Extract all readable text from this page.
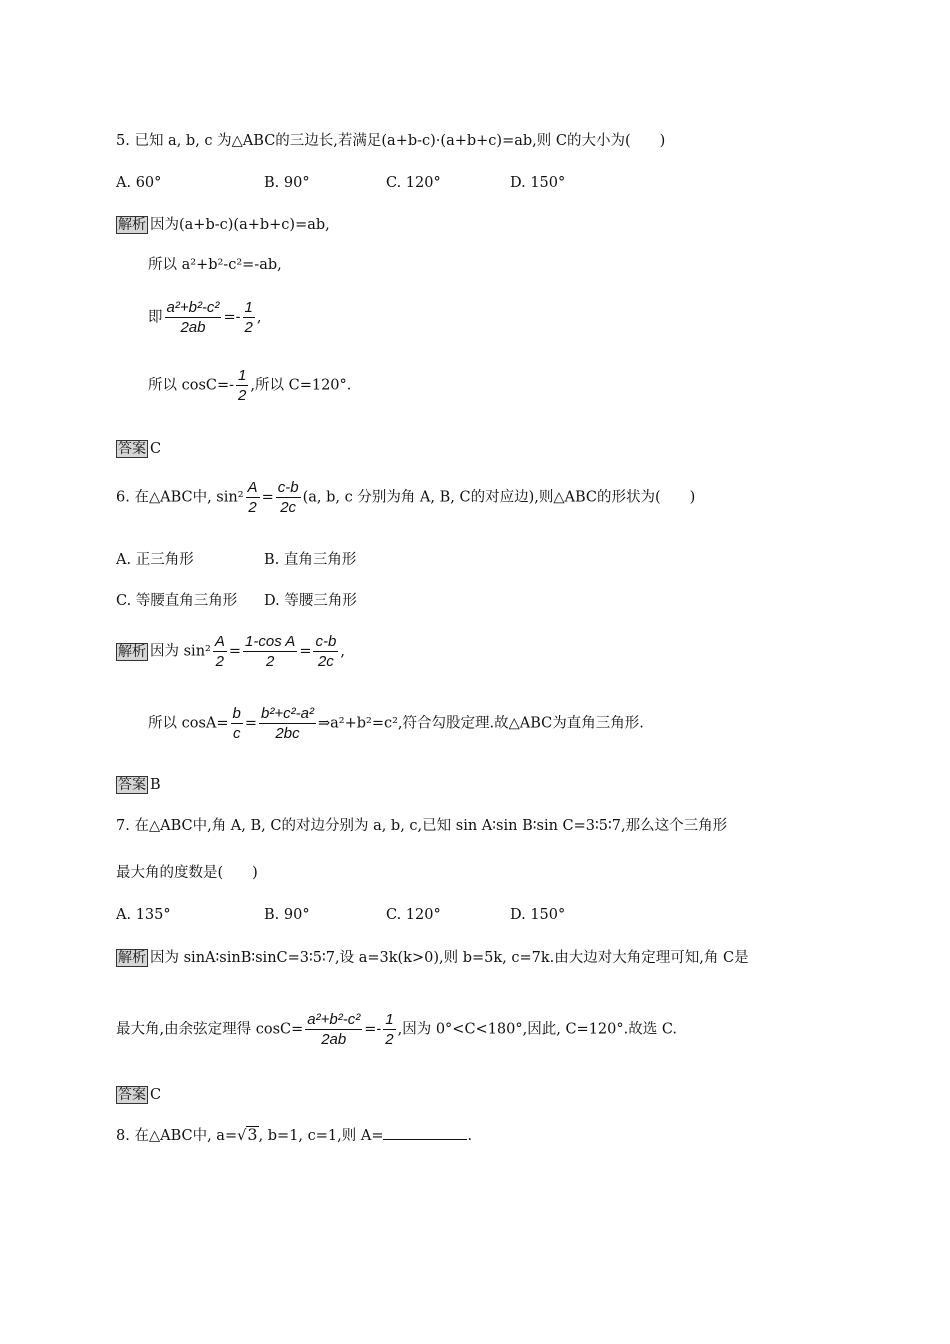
5. 已知 a, b, c 为△ABC的三边长,若满足(a+b-c)·(a+b+c)=ab,则 C的大小为(　　)
A. 60°	B. 90°	C. 120°	D. 150°
解析 因为(a+b-c)(a+b+c)=ab,
所以 a²+b²-c²=-ab,
即 $\frac{\text{a²+b²-c²}}{2ab} =- \frac{1}{2}$ ,
所以 $\cos C=- \frac{1}{2}$ ,所以 C=120°.
答案 C
6. 在△ABC中, $\sin^2 \frac{A}{2} = \frac{c-b}{2c} (a$, b, c 分别为角 A, B, C的对应边),则△ABC的形状为(　　)
A. 正三角形	B. 直角三角形
C. 等腰直角三角形 D. 等腰三角形
解析 因为 $\sin^2 \frac{A}{2} = \frac{\text{1-cos A}}{2} = \frac{c-b}{2c}$ ,
所以 $\cos A= \frac{b}{c} = \frac{\text{b²+c²-a²}}{2bc}$ ⇒a²+b²=c²,符合勾股定理.故△ABC为直角三角形.
答案 B
7. 在△ABC中,角 A, B, C的对边分别为 a, b, c,已知 sin A∶sin B∶sin C=3∶5∶7,那么这个三角形
最大角的度数是(　　)
A. 135°	B. 90°	C. 120°	D. 150°
解析 因为 sinA∶sinB∶sinC=3∶5∶7,设 a=3k(k>0),则 b=5k, c=7k.由大边对大角定理可知,角 C是
最大角,由余弦定理得 $\cos C= \frac{\text{a²+b²-c²}}{2ab} =- \frac{1}{2}$ ,因为 0°<C<180°,因此, C=120°.故选 C.
答案 C
8. 在△ABC中, a=√3, b=1, c=1,则 A=	.
